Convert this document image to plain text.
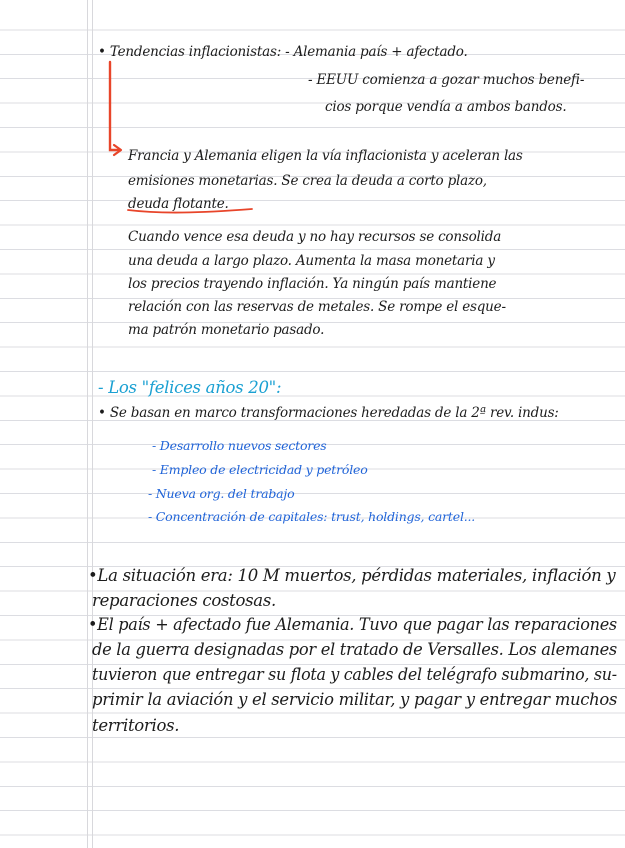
• Tendencias inflacionistas: - Alemania país + afectado.

- EEUU comienza a gozar muchos benefi-

cios porque vendía a ambos bandos.

Francia y Alemania eligen la vía inflacionista y aceleran las

emisiones monetarias. Se crea la deuda a corto plazo,

deuda flotante.

Cuando vence esa deuda y no hay recursos se consolida

una deuda a largo plazo. Aumenta la masa monetaria y

los precios trayendo inflación. Ya ningún país mantiene

relación con las reservas de metales. Se rompe el esque-

ma patrón monetario pasado.

- Los "felices años 20":

• Se basan en marco transformaciones heredadas de la 2ª rev. indus:

- Desarrollo nuevos sectores

- Empleo de electricidad y petróleo

- Nueva org. del trabajo

- Concentración de capitales: trust, holdings, cartel...

•La situación era: 10 M muertos, pérdidas materiales, inflación y

reparaciones costosas.

•El país + afectado fue Alemania. Tuvo que pagar las reparaciones

de la guerra designadas por el tratado de Versalles. Los alemanes

tuvieron que entregar su flota y cables del telégrafo submarino, su-

primir la aviación y el servicio militar, y pagar y entregar muchos

territorios.
